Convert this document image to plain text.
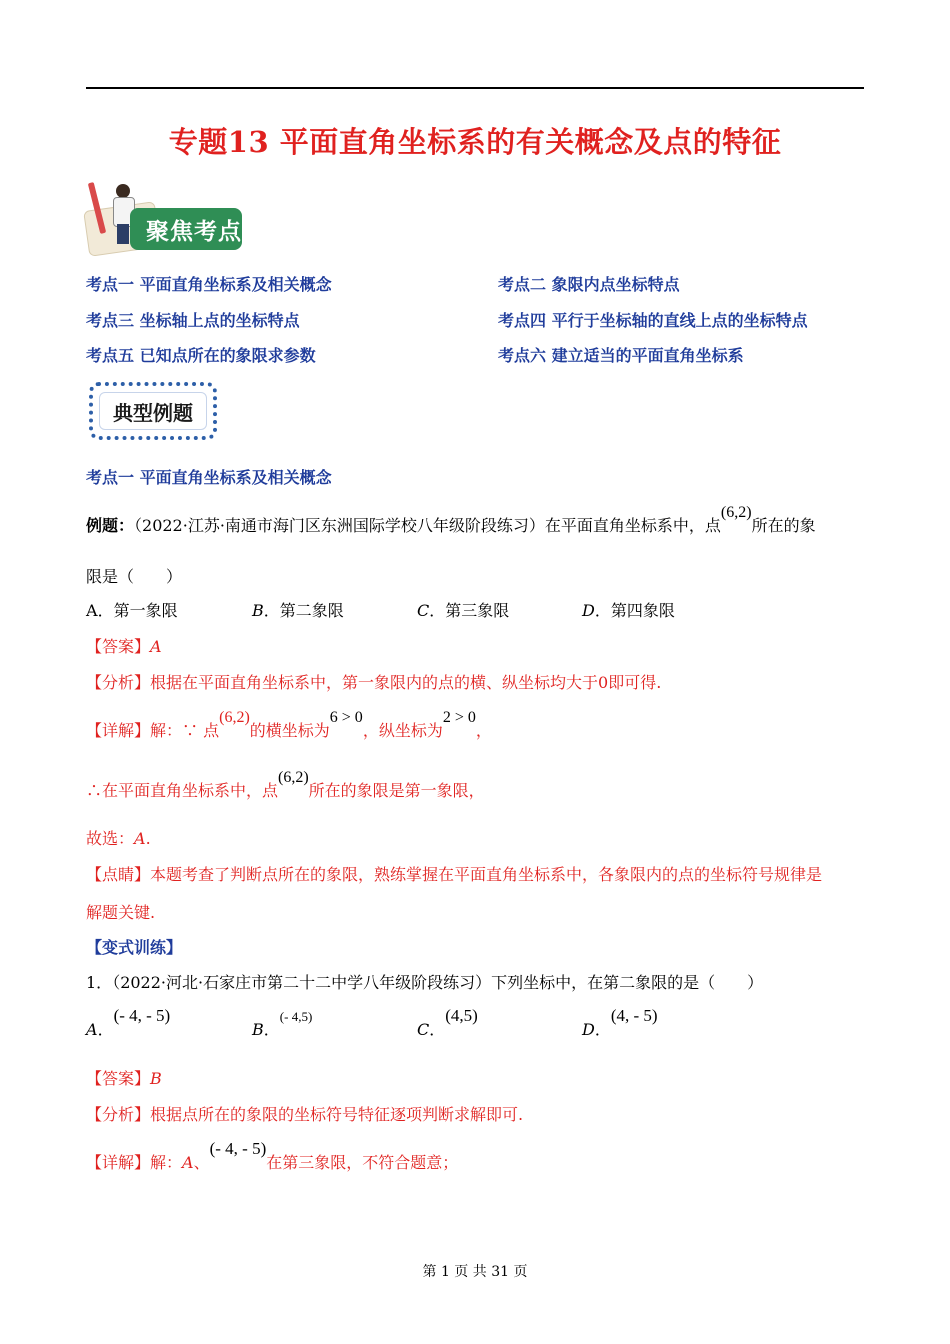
专题13 平面直角坐标系的有关概念及点的特征
聚焦考点
考点一 平面直角坐标系及相关概念	考点二 象限内点坐标特点
考点三 坐标轴上点的坐标特点	考点四 平行于坐标轴的直线上点的坐标特点
考点五 已知点所在的象限求参数	考点六 建立适当的平面直角坐标系
典型例题
考点一 平面直角坐标系及相关概念
例题：（2022·江苏·南通市海门区东洲国际学校八年级阶段练习）在平面直角坐标系中，点(6,2)所在的象
限是（　　）
A．第一象限	B．第二象限	C．第三象限	D．第四象限
【答案】A
【分析】根据在平面直角坐标系中，第一象限内的点的横、纵坐标均大于0即可得.
【详解】解：∵ 点(6,2)的横坐标为6 > 0，纵坐标为2 > 0，
∴在平面直角坐标系中，点(6,2)所在的象限是第一象限，
故选：A.
【点睛】本题考查了判断点所在的象限，熟练掌握在平面直角坐标系中，各象限内的点的坐标符号规律是
解题关键.
【变式训练】
1．（2022·河北·石家庄市第二十二中学八年级阶段练习）下列坐标中，在第二象限的是（　　）
A．(- 4, - 5)
B．$^{(- 4,5)}$
C．(4,5)
D．(4, - 5)
【答案】B
【分析】根据点所在的象限的坐标符号特征逐项判断求解即可.
【详解】解：A、(- 4, - 5)在第三象限，不符合题意；
第 1 页 共 31 页
